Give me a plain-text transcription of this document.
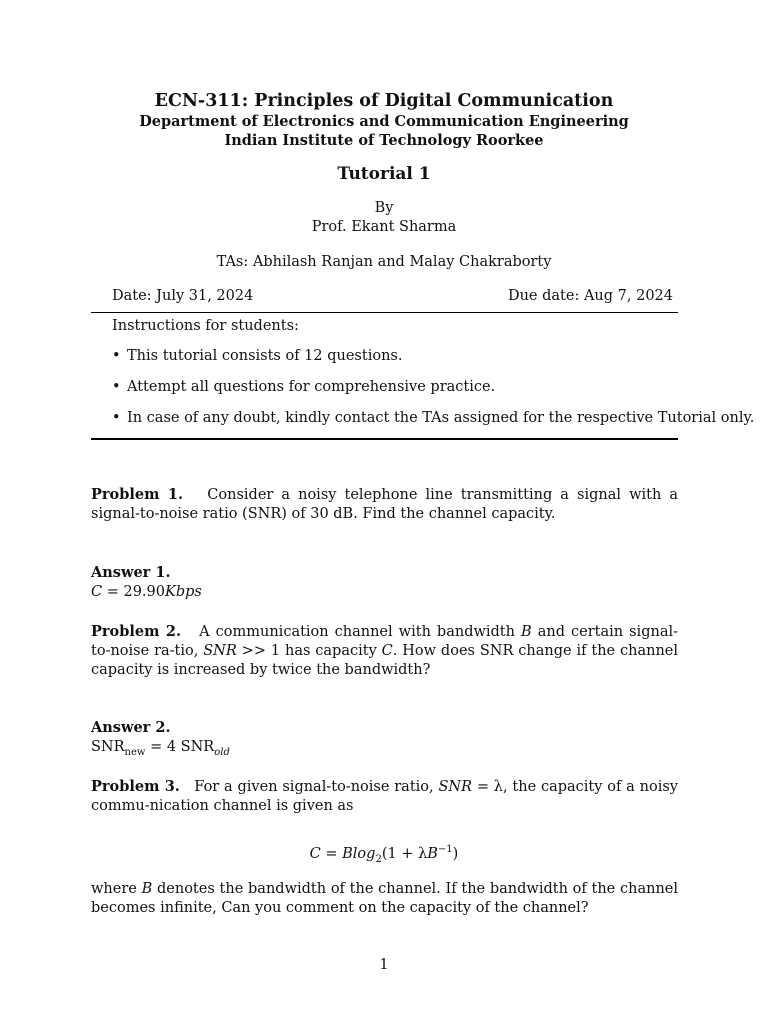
ECN-311: Principles of Digital Communication
Department of Electronics and Communication Engineering
Indian Institute of Technology Roorkee
Tutorial 1
By
Prof. Ekant Sharma
TAs: Abhilash Ranjan and Malay Chakraborty
Date: July 31, 2024	Due date: Aug 7, 2024
Instructions for students:
• This tutorial consists of 12 questions.
• Attempt all questions for comprehensive practice.
• In case of any doubt, kindly contact the TAs assigned for the respective Tutorial only.
Problem 1. Consider a noisy telephone line transmitting a signal with a signal-to-noise ratio (SNR) of 30 dB. Find the channel capacity.
Answer 1.
C = 29.90Kbps
Problem 2. A communication channel with bandwidth B and certain signal-to-noise ra-tio, SNR >> 1 has capacity C. How does SNR change if the channel capacity is increased by twice the bandwidth?
Answer 2.
$SNR_{new} = 4$ $SNR_{old}$
Problem 3. For a given signal-to-noise ratio, SNR = λ, the capacity of a noisy commu-nication channel is given as
$C = Blog_2(1 + \lambda B^{-1})$
where B denotes the bandwidth of the channel. If the bandwidth of the channel becomes infinite, Can you comment on the capacity of the channel?
1
